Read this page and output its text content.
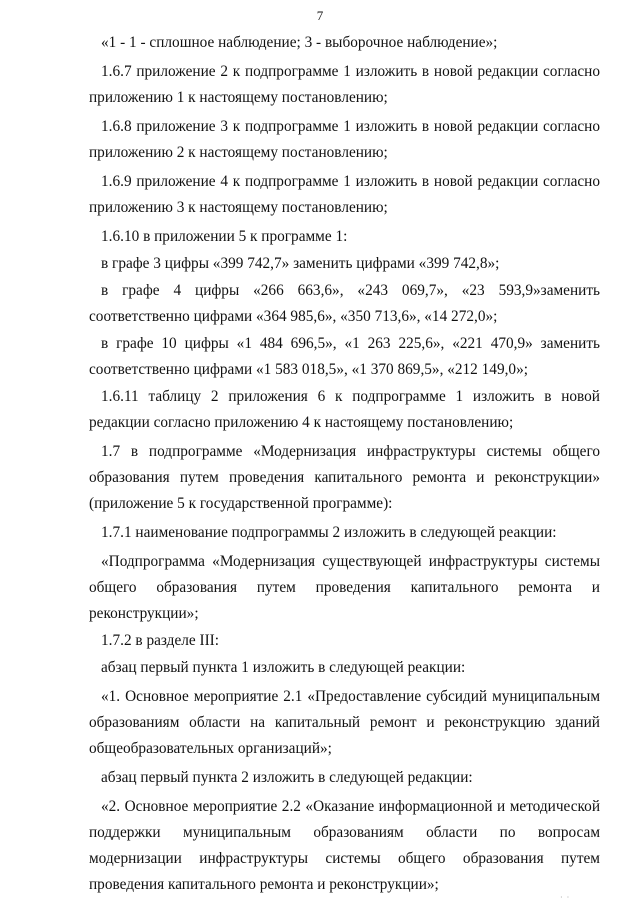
7

«1 - 1 - сплошное наблюдение; 3 - выборочное наблюдение»;

1.6.7 приложение 2 к подпрограмме 1 изложить в новой редакции согласно приложению 1 к настоящему постановлению;

1.6.8 приложение 3 к подпрограмме 1 изложить в новой редакции согласно приложению 2 к настоящему постановлению;

1.6.9 приложение 4 к подпрограмме 1 изложить в новой редакции согласно приложению 3 к настоящему постановлению;

1.6.10 в приложении 5 к программе 1:

в графе 3 цифры «399 742,7» заменить цифрами «399 742,8»;

в графе 4 цифры «266 663,6», «243 069,7», «23 593,9»заменить соответственно цифрами «364 985,6», «350 713,6», «14 272,0»;

в графе 10 цифры «1 484 696,5», «1 263 225,6», «221 470,9» заменить соответственно цифрами «1 583 018,5», «1 370 869,5», «212 149,0»;

1.6.11 таблицу 2 приложения 6 к подпрограмме 1 изложить в новой редакции согласно приложению 4 к настоящему постановлению;

1.7 в подпрограмме «Модернизация инфраструктуры системы общего образования путем проведения капитального ремонта и реконструкции» (приложение 5 к государственной программе):

1.7.1 наименование подпрограммы 2 изложить в следующей реакции:

«Подпрограмма «Модернизация существующей инфраструктуры системы общего образования путем проведения капитального ремонта и реконструкции»;

1.7.2 в разделе III:

абзац первый пункта 1 изложить в следующей реакции:

«1. Основное мероприятие 2.1 «Предоставление субсидий муниципальным образованиям области на капитальный ремонт и реконструкцию зданий общеобразовательных организаций»;

абзац первый пункта 2 изложить в следующей редакции:

«2. Основное мероприятие 2.2 «Оказание информационной и методической поддержки муниципальным образованиям области по вопросам модернизации инфраструктуры системы общего образования путем проведения капитального ремонта и реконструкции»;

· ·
